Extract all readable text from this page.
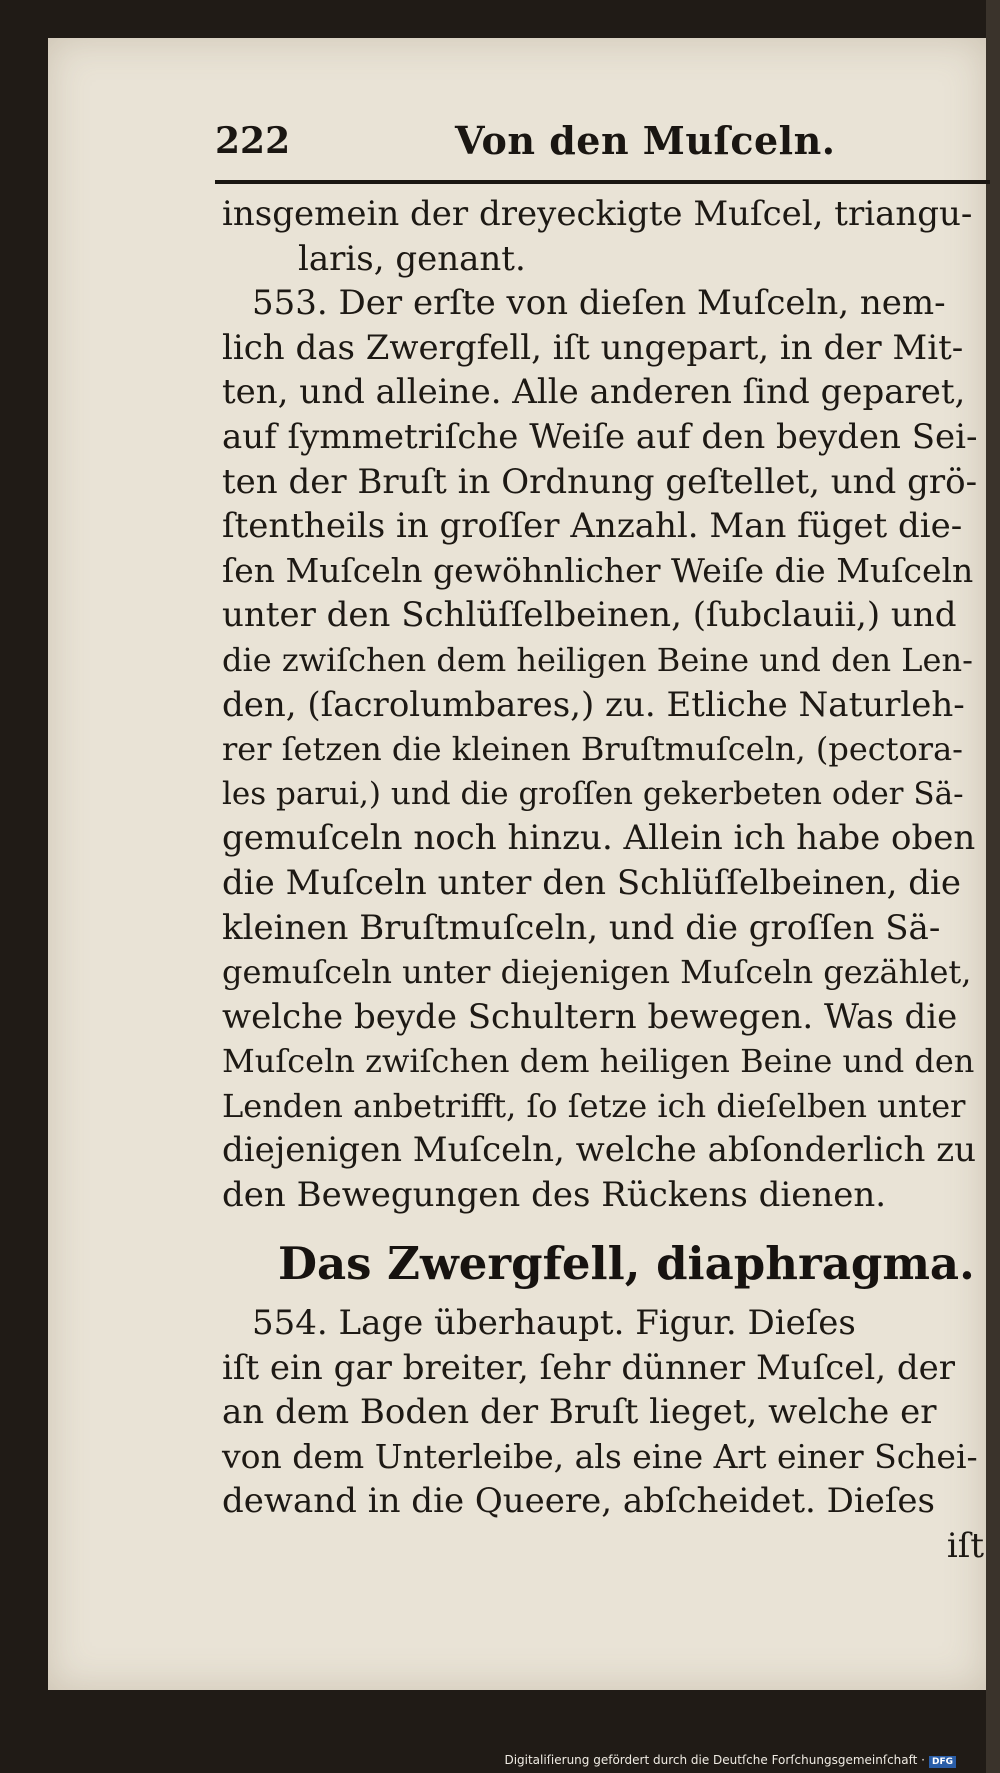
222	Von den Muſceln.
insgemein der dreyeckigte Muſcel, triangu-
laris, genant.
553. Der erſte von dieſen Muſceln, nem-
lich das Zwergfell, iſt ungepart, in der Mit-
ten, und alleine. Alle anderen ſind geparet,
auf ſymmetriſche Weiſe auf den beyden Sei-
ten der Bruſt in Ordnung geſtellet, und grö-
ſtentheils in groſſer Anzahl. Man füget die-
ſen Muſceln gewöhnlicher Weiſe die Muſceln
unter den Schlüſſelbeinen, (ſubclauii,) und
die zwiſchen dem heiligen Beine und den Len-
den, (ſacrolumbares,) zu. Etliche Naturleh-
rer ſetzen die kleinen Bruſtmuſceln, (pectora-
les parui,) und die groſſen gekerbeten oder Sä-
gemuſceln noch hinzu. Allein ich habe oben
die Muſceln unter den Schlüſſelbeinen, die
kleinen Bruſtmuſceln, und die groſſen Sä-
gemuſceln unter diejenigen Muſceln gezählet,
welche beyde Schultern bewegen. Was die
Muſceln zwiſchen dem heiligen Beine und den
Lenden anbetrifft, ſo ſetze ich dieſelben unter
diejenigen Muſceln, welche abſonderlich zu
den Bewegungen des Rückens dienen.
Das Zwergfell, diaphragma.
554. Lage überhaupt. Figur. Dieſes
iſt ein gar breiter, ſehr dünner Muſcel, der
an dem Boden der Bruſt lieget, welche er
von dem Unterleibe, als eine Art einer Schei-
dewand in die Queere, abſcheidet. Dieſes
iſt
Digitaliſierung gefördert durch die Deutſche Forſchungsgemeinſchaft · DFG
